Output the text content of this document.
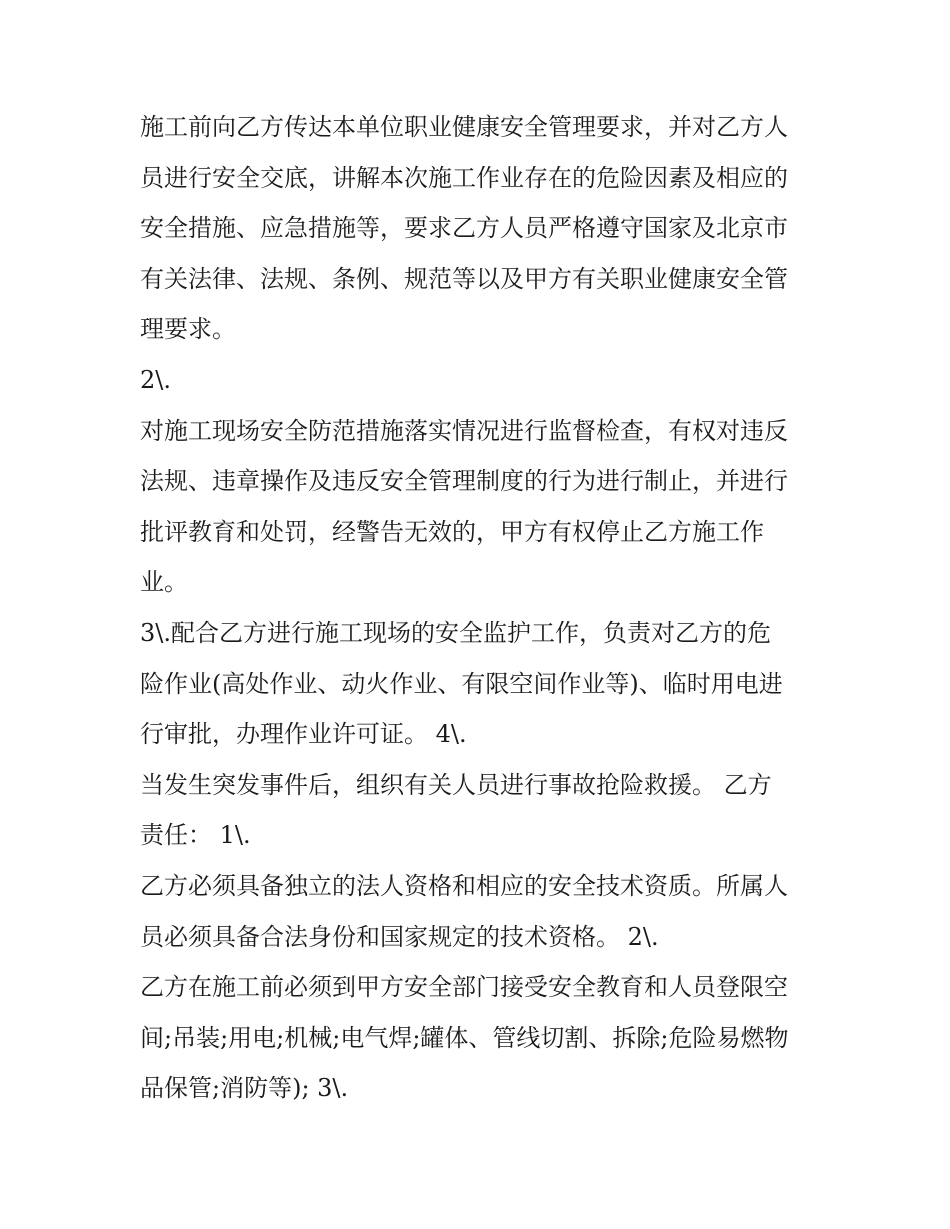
施工前向乙方传达本单位职业健康安全管理要求，并对乙方人
员进行安全交底，讲解本次施工作业存在的危险因素及相应的
安全措施、应急措施等，要求乙方人员严格遵守国家及北京市
有关法律、法规、条例、规范等以及甲方有关职业健康安全管
理要求。
2\.
对施工现场安全防范措施落实情况进行监督检查，有权对违反
法规、违章操作及违反安全管理制度的行为进行制止，并进行
批评教育和处罚，经警告无效的，甲方有权停止乙方施工作
业。
3\.配合乙方进行施工现场的安全监护工作，负责对乙方的危
险作业(高处作业、动火作业、有限空间作业等)、临时用电进
行审批，办理作业许可证。 4\.
当发生突发事件后，组织有关人员进行事故抢险救援。 乙方
责任： 1\.
乙方必须具备独立的法人资格和相应的安全技术资质。所属人
员必须具备合法身份和国家规定的技术资格。 2\.
乙方在施工前必须到甲方安全部门接受安全教育和人员登限空
间;吊装;用电;机械;电气焊;罐体、管线切割、拆除;危险易燃物
品保管;消防等); 3\.
